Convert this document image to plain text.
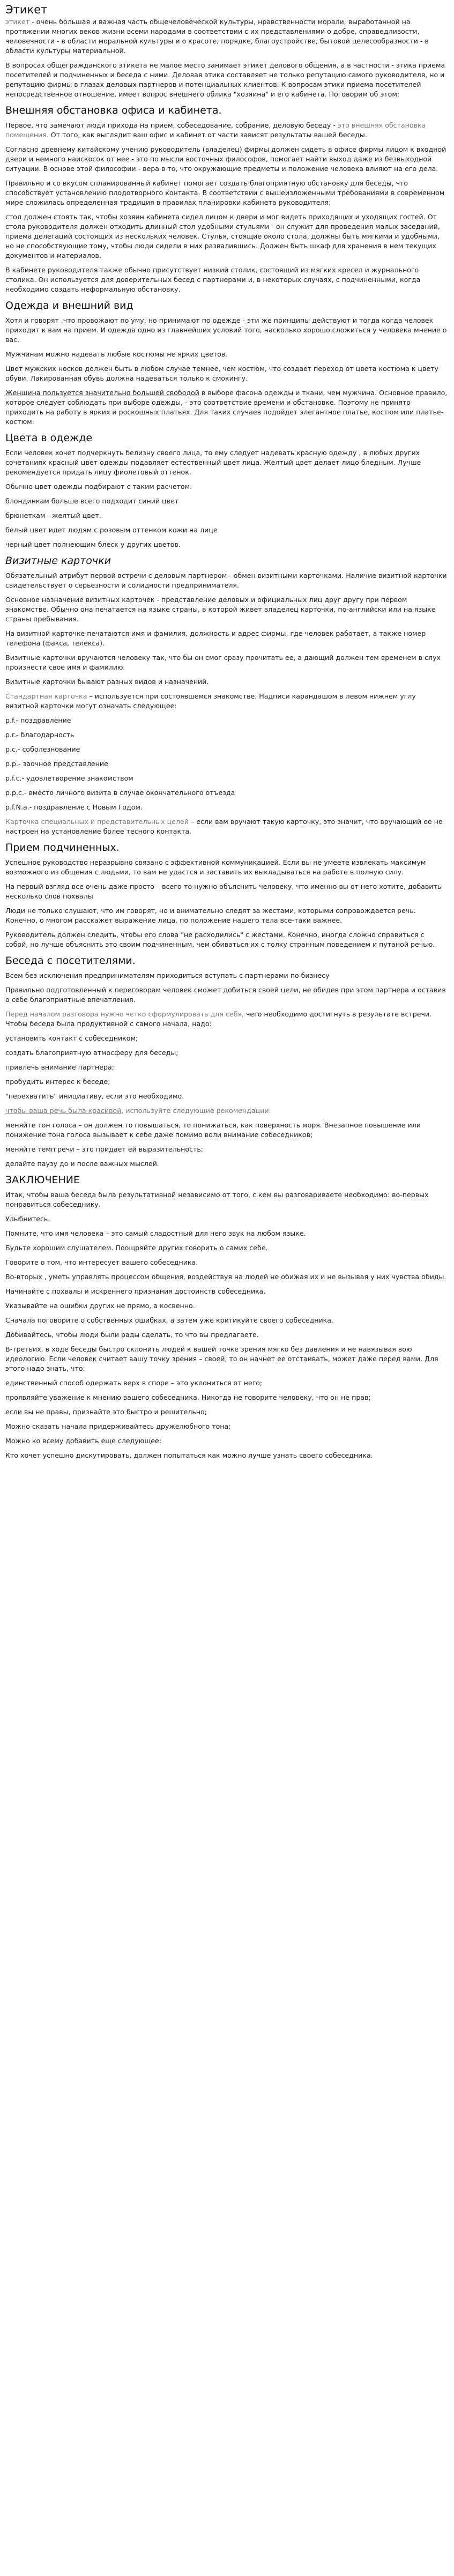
Этикет

этикет - очень большая и важная часть общечеловеческой культуры, нравственности морали, выработанной на протяжении многих веков жизни всеми народами в соответствии с их представлениями о добре, справедливости, человечности - в области моральной культуры и о красоте, порядке, благоустройстве, бытовой целесообразности - в области культуры материальной.

В вопросах общегражданского этикета не малое место занимает этикет делового общения, а в частности - этика приема посетителей и подчиненных и беседа с ними. Деловая этика составляет не только репутацию самого руководителя, но и репутацию фирмы в глазах деловых партнеров и потенциальных клиентов. К вопросам этики приема посетителей непосредственное отношение, имеет вопрос внешнего облика "хозяина" и его кабинета. Поговорим об этом:

Внешняя обстановка офиса и кабинета.

Первое, что замечают люди прихода на прием, собеседование, собрание, деловую беседу - это внешняя обстановка помещения. От того, как выглядит ваш офис и кабинет от части зависят результаты вашей беседы.

Согласно древнему китайскому учению руководитель (владелец) фирмы должен сидеть в офисе фирмы лицом к входной двери и немного наискосок от нее - это по мысли восточных философов, помогает найти выход даже из безвыходной ситуации. В основе этой философии - вера в то, что окружающие предметы и положение человека влияют на его дела.

Правильно и со вкусом спланированный кабинет помогает создать благоприятную обстановку для беседы, что способствует установлению плодотворного контакта. В соответствии с вышеизложенными требованиями в современном мире сложилась определенная традиция в правилах планировки кабинета руководителя:

стол должен стоять так, чтобы хозяин кабинета сидел лицом к двери и мог видеть приходящих и уходящих гостей. От стола руководителя должен отходить длинный стол удобными стульями - он служит для проведения малых заседаний, приема делегаций состоящих из нескольких человек. Стулья, стоящие около стола, должны быть мягкими и удобными, но не способствующие тому, чтобы люди сидели в них развалившись. Должен быть шкаф для хранения в нем текущих документов и материалов.

В кабинете руководителя также обычно присутствует низкий столик, состоящий из мягких кресел и журнального столика. Он используется для доверительных бесед с партнерами и, в некоторых случаях, с подчиненными, когда необходимо создать неформальную обстановку.

Одежда и внешний вид

Хотя и говорят ,что провожают по уму, но принимают по одежде - эти же принципы действуют и тогда когда человек приходит к вам на прием. И одежда одно из главнейших условий того, насколько хорошо сложиться у человека мнение о вас.

Мужчинам можно надевать любые костюмы не ярких цветов.

Цвет мужских носков должен быть в любом случае темнее, чем костюм, что создает переход от цвета костюма к цвету обуви. Лакированная обувь должна надеваться только к смокингу.

Женщина пользуется значительно большей свободой в выборе фасона одежды и ткани, чем мужчина. Основное правило, которое следует соблюдать при выборе одежды, - это соответствие времени и обстановке. Поэтому не принято приходить на работу в ярких и роскошных платьях. Для таких случаев подойдет элегантное платье, костюм или платье-костюм.

Цвета в одежде

Если человек хочет подчеркнуть белизну своего лица, то ему следует надевать красную одежду , в любых других сочетаниях красный цвет одежды подавляет естественный цвет лица. Желтый цвет делает лицо бледным. Лучше рекомендуется придать лицу фиолетовый оттенок.

Обычно цвет одежды подбирают с таким расчетом:

блондинкам больше всего подходит синий цвет

брюнеткам - желтый цвет.

белый цвет идет людям с розовым оттенком кожи на лице

черный цвет полнеющим блеск у других цветов.

Визитные карточки

Обязательный атрибут первой встречи с деловым партнером - обмен визитными карточками. Наличие визитной карточки свидетельствует о серьезности и солидности предпринимателя.

Основное назначение визитных карточек - представление деловых и официальных лиц друг другу при первом знакомстве. Обычно она печатается на языке страны, в которой живет владелец карточки, по-английски или на языке страны пребывания.

На визитной карточке печатаются имя и фамилия, должность и адрес фирмы, где человек работает, а также номер телефона (факса, телекса).

Визитные карточки вручаются человеку так, что бы он смог сразу прочитать ее, а дающий должен тем временем в слух произнести свое имя и фамилию.

Визитные карточки бывают разных видов и назначений.

Стандартная карточка – используется при состоявшемся знакомстве. Надписи карандашом в левом нижнем углу визитной карточки могут означать следующее:

p.f.- поздравление

p.r.- благодарность

p.c.- соболезнование

p.p.- заочное представление

p.f.c.- удовлетворение знакомством

p.p.c.- вместо личного визита в случае окончательного отъезда

p.f.N.a.- поздравление с Новым Годом.

Карточка специальных и представительных целей – если вам вручают такую карточку, это значит, что вручающий ее не настроен на установление более тесного контакта.

Прием подчиненных.

Успешное руководство неразрывно связано с эффективной коммуникацией. Если вы не умеете извлекать максимум возможного из общения с людьми, то вам не удастся и заставить их выкладываться на работе в полную силу.

На первый взгляд все очень даже просто – всего-то нужно объяснить человеку, что именно вы от него хотите, добавить несколько слов похвалы

Люди не только слушают, что им говорят, но и внимательно следят за жестами, которыми сопровождается речь. Конечно, о многом расскажет выражение лица, по положение нашего тела все-таки важнее.

Руководитель должен следить, чтобы его слова "не расходились" с жестами. Конечно, иногда сложно справиться с собой, но лучше объяснить это своим подчиненным, чем обиваться их с толку странным поведением и путаной речью.

Беседа с посетителями.

Всем без исключения предпринимателям приходиться вступать с партнерами по бизнесу

Правильно подготовленный к переговорам человек сможет добиться своей цели, не обидев при этом партнера и оставив о себе благоприятные впечатления.

Перед началом разговора нужно четко сформулировать для себя, чего необходимо достигнуть в результате встречи. Чтобы беседа была продуктивной с самого начала, надо:

установить контакт с собеседником;

создать благоприятную атмосферу для беседы;

привлечь внимание партнера;

пробудить интерес к беседе;

"перехватить" инициативу, если это необходимо.

чтобы ваша речь была красивой, используйте следующие рекомендации:

меняйте тон голоса – он должен то повышаться, то понижаться, как поверхность моря. Внезапное повышение или понижение тона голоса вызывает к себе даже помимо воли внимание собеседников;

меняйте темп речи – это придает ей выразительность;

делайте паузу до и после важных мыслей.

ЗАКЛЮЧЕНИЕ

Итак, чтобы ваша беседа была результативной независимо от того, с кем вы разговариваете необходимо: во-первых понравиться собеседнику.

Улыбнитесь.

Помните, что имя человека – это самый сладостный для него звук на любом языке.

Будьте хорошим слушателем. Поощряйте других говорить о самих себе.

Говорите о том, что интересует вашего собеседника.

Во-вторых , уметь управлять процессом общения, воздействуя на людей не обижая их и не вызывая у них чувства обиды.

Начинайте с похвалы и искреннего признания достоинств собеседника.

Указывайте на ошибки других не прямо, а косвенно.

Сначала поговорите о собственных ошибках, а затем уже критикуйте своего собеседника.

Добивайтесь, чтобы люди были рады сделать, то что вы предлагаете.

В-третьих, в ходе беседы быстро склонить людей к вашей точке зрения мягко без давления и не навязывая вою идеологию. Если человек считает вашу точку зрения – своей, то он начнет ее отстаивать, может даже перед вами. Для этого надо знать, что:

единственный способ одержать верх в споре – это уклониться от него;

проявляйте уважение к мнению вашего собеседника. Никогда не говорите человеку, что он не прав;

если вы не правы, признайте это быстро и решительно;

Можно сказать начала придерживайтесь дружелюбного тона;

Можно ко всему добавить еще следующее:

Кто хочет успешно дискутировать, должен попытаться как можно лучше узнать своего собеседника.
